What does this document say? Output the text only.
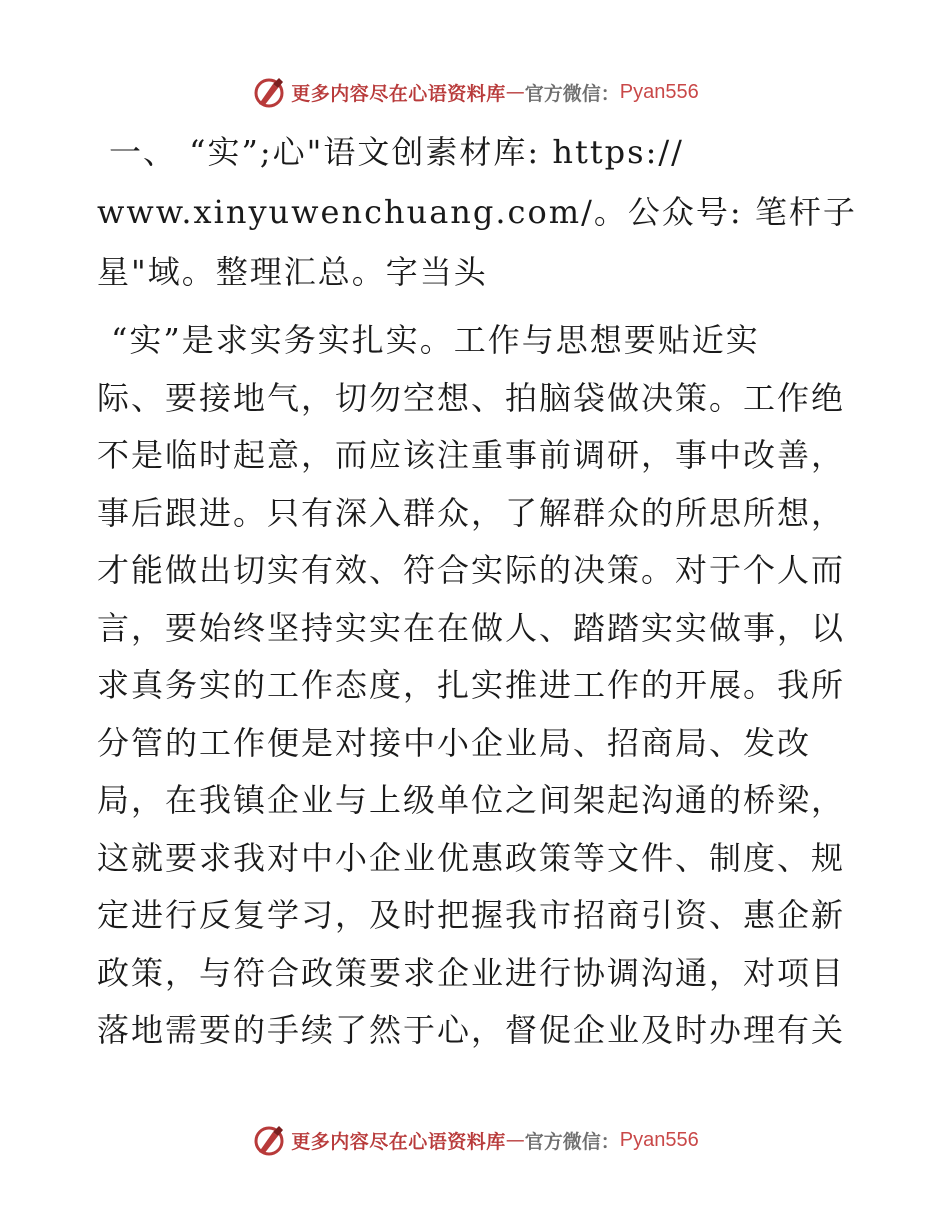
更多内容尽在心语资料库 — 官方微信： Pyan556
一、 “实”;心"语文创素材库: https://
www.xinyuwenchuang.com/。公众号: 笔杆子
星"域。整理汇总。字当头
“实”是求实务实扎实。工作与思想要贴近实
际、要接地气，切勿空想、拍脑袋做决策。工作绝
不是临时起意，而应该注重事前调研，事中改善，
事后跟进。只有深入群众，了解群众的所思所想，
才能做出切实有效、符合实际的决策。对于个人而
言，要始终坚持实实在在做人、踏踏实实做事，以
求真务实的工作态度，扎实推进工作的开展。我所
分管的工作便是对接中小企业局、招商局、发改
局，在我镇企业与上级单位之间架起沟通的桥梁，
这就要求我对中小企业优惠政策等文件、制度、规
定进行反复学习，及时把握我市招商引资、惠企新
政策，与符合政策要求企业进行协调沟通，对项目
落地需要的手续了然于心，督促企业及时办理有关
更多内容尽在心语资料库 — 官方微信： Pyan556
